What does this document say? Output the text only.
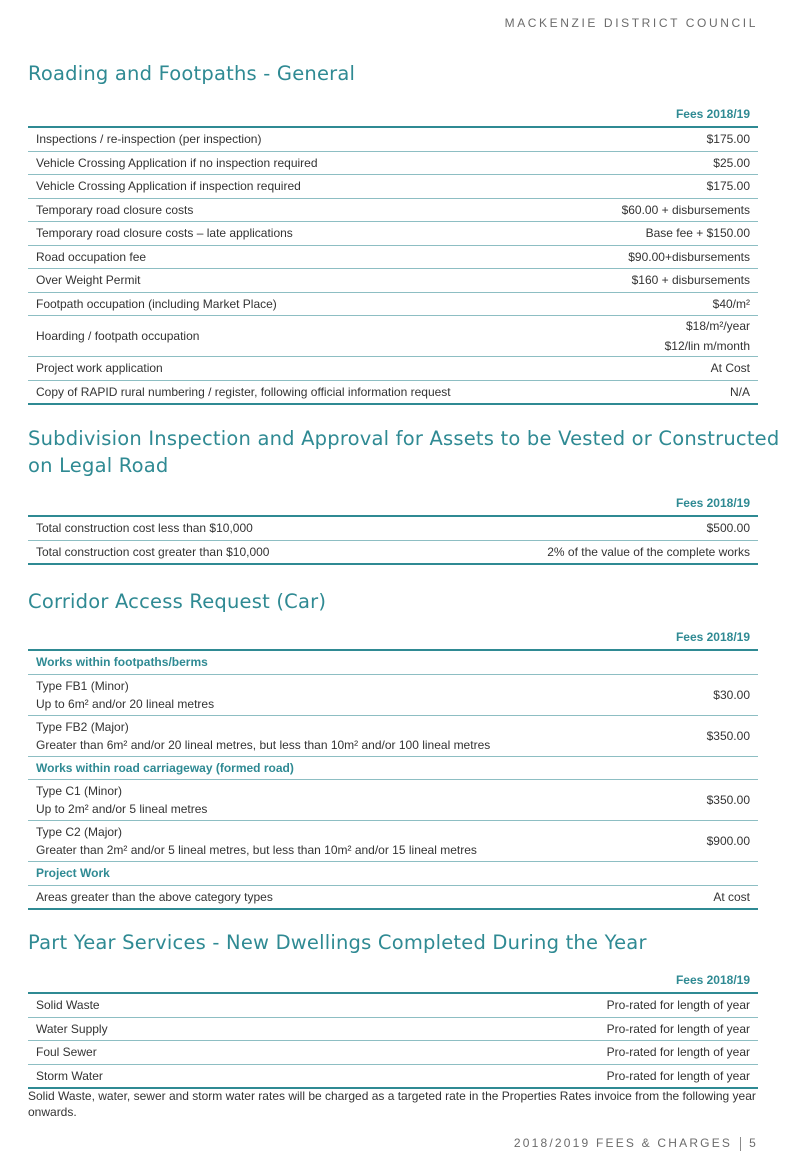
MACKENZIE DISTRICT COUNCIL
Roading and Footpaths - General
	Fees 2018/19
Inspections / re-inspection (per inspection)	$175.00
Vehicle Crossing Application if no inspection required	$25.00
Vehicle Crossing Application if inspection required	$175.00
Temporary road closure costs	$60.00 + disbursements
Temporary road closure costs – late applications	Base fee + $150.00
Road occupation fee	$90.00+disbursements
Over Weight Permit	$160 + disbursements
Footpath occupation (including Market Place)	$40/m²
Hoarding / footpath occupation	$18/m²/year
$12/lin m/month

Project work application	At Cost
Copy of RAPID rural numbering / register, following official information request	N/A
Subdivision Inspection and Approval for Assets to be Vested or Constructed
on Legal Road
	Fees 2018/19
Total construction cost less than $10,000	$500.00
Total construction cost greater than $10,000	2% of the value of the complete works
Corridor Access Request (Car)
	Fees 2018/19
Works within footpaths/berms	
Type FB1 (Minor)
Up to 6m² and/or 20 lineal metres	$30.00
Type FB2 (Major)
Greater than 6m² and/or 20 lineal metres, but less than 10m² and/or 100 lineal metres	$350.00
Works within road carriageway (formed road)	
Type C1 (Minor)
Up to 2m² and/or 5 lineal metres	$350.00
Type C2 (Major)
Greater than 2m² and/or 5 lineal metres, but less than 10m² and/or 15 lineal metres	$900.00
Project Work	
Areas greater than the above category types	At cost
Part Year Services - New Dwellings Completed During the Year
	Fees 2018/19
Solid Waste	Pro-rated for length of year
Water Supply	Pro-rated for length of year
Foul Sewer	Pro-rated for length of year
Storm Water	Pro-rated for length of year
Solid Waste, water, sewer and storm water rates will be charged as a targeted rate in the Properties Rates invoice from the following year onwards.
2018/2019 FEES & CHARGES 5
